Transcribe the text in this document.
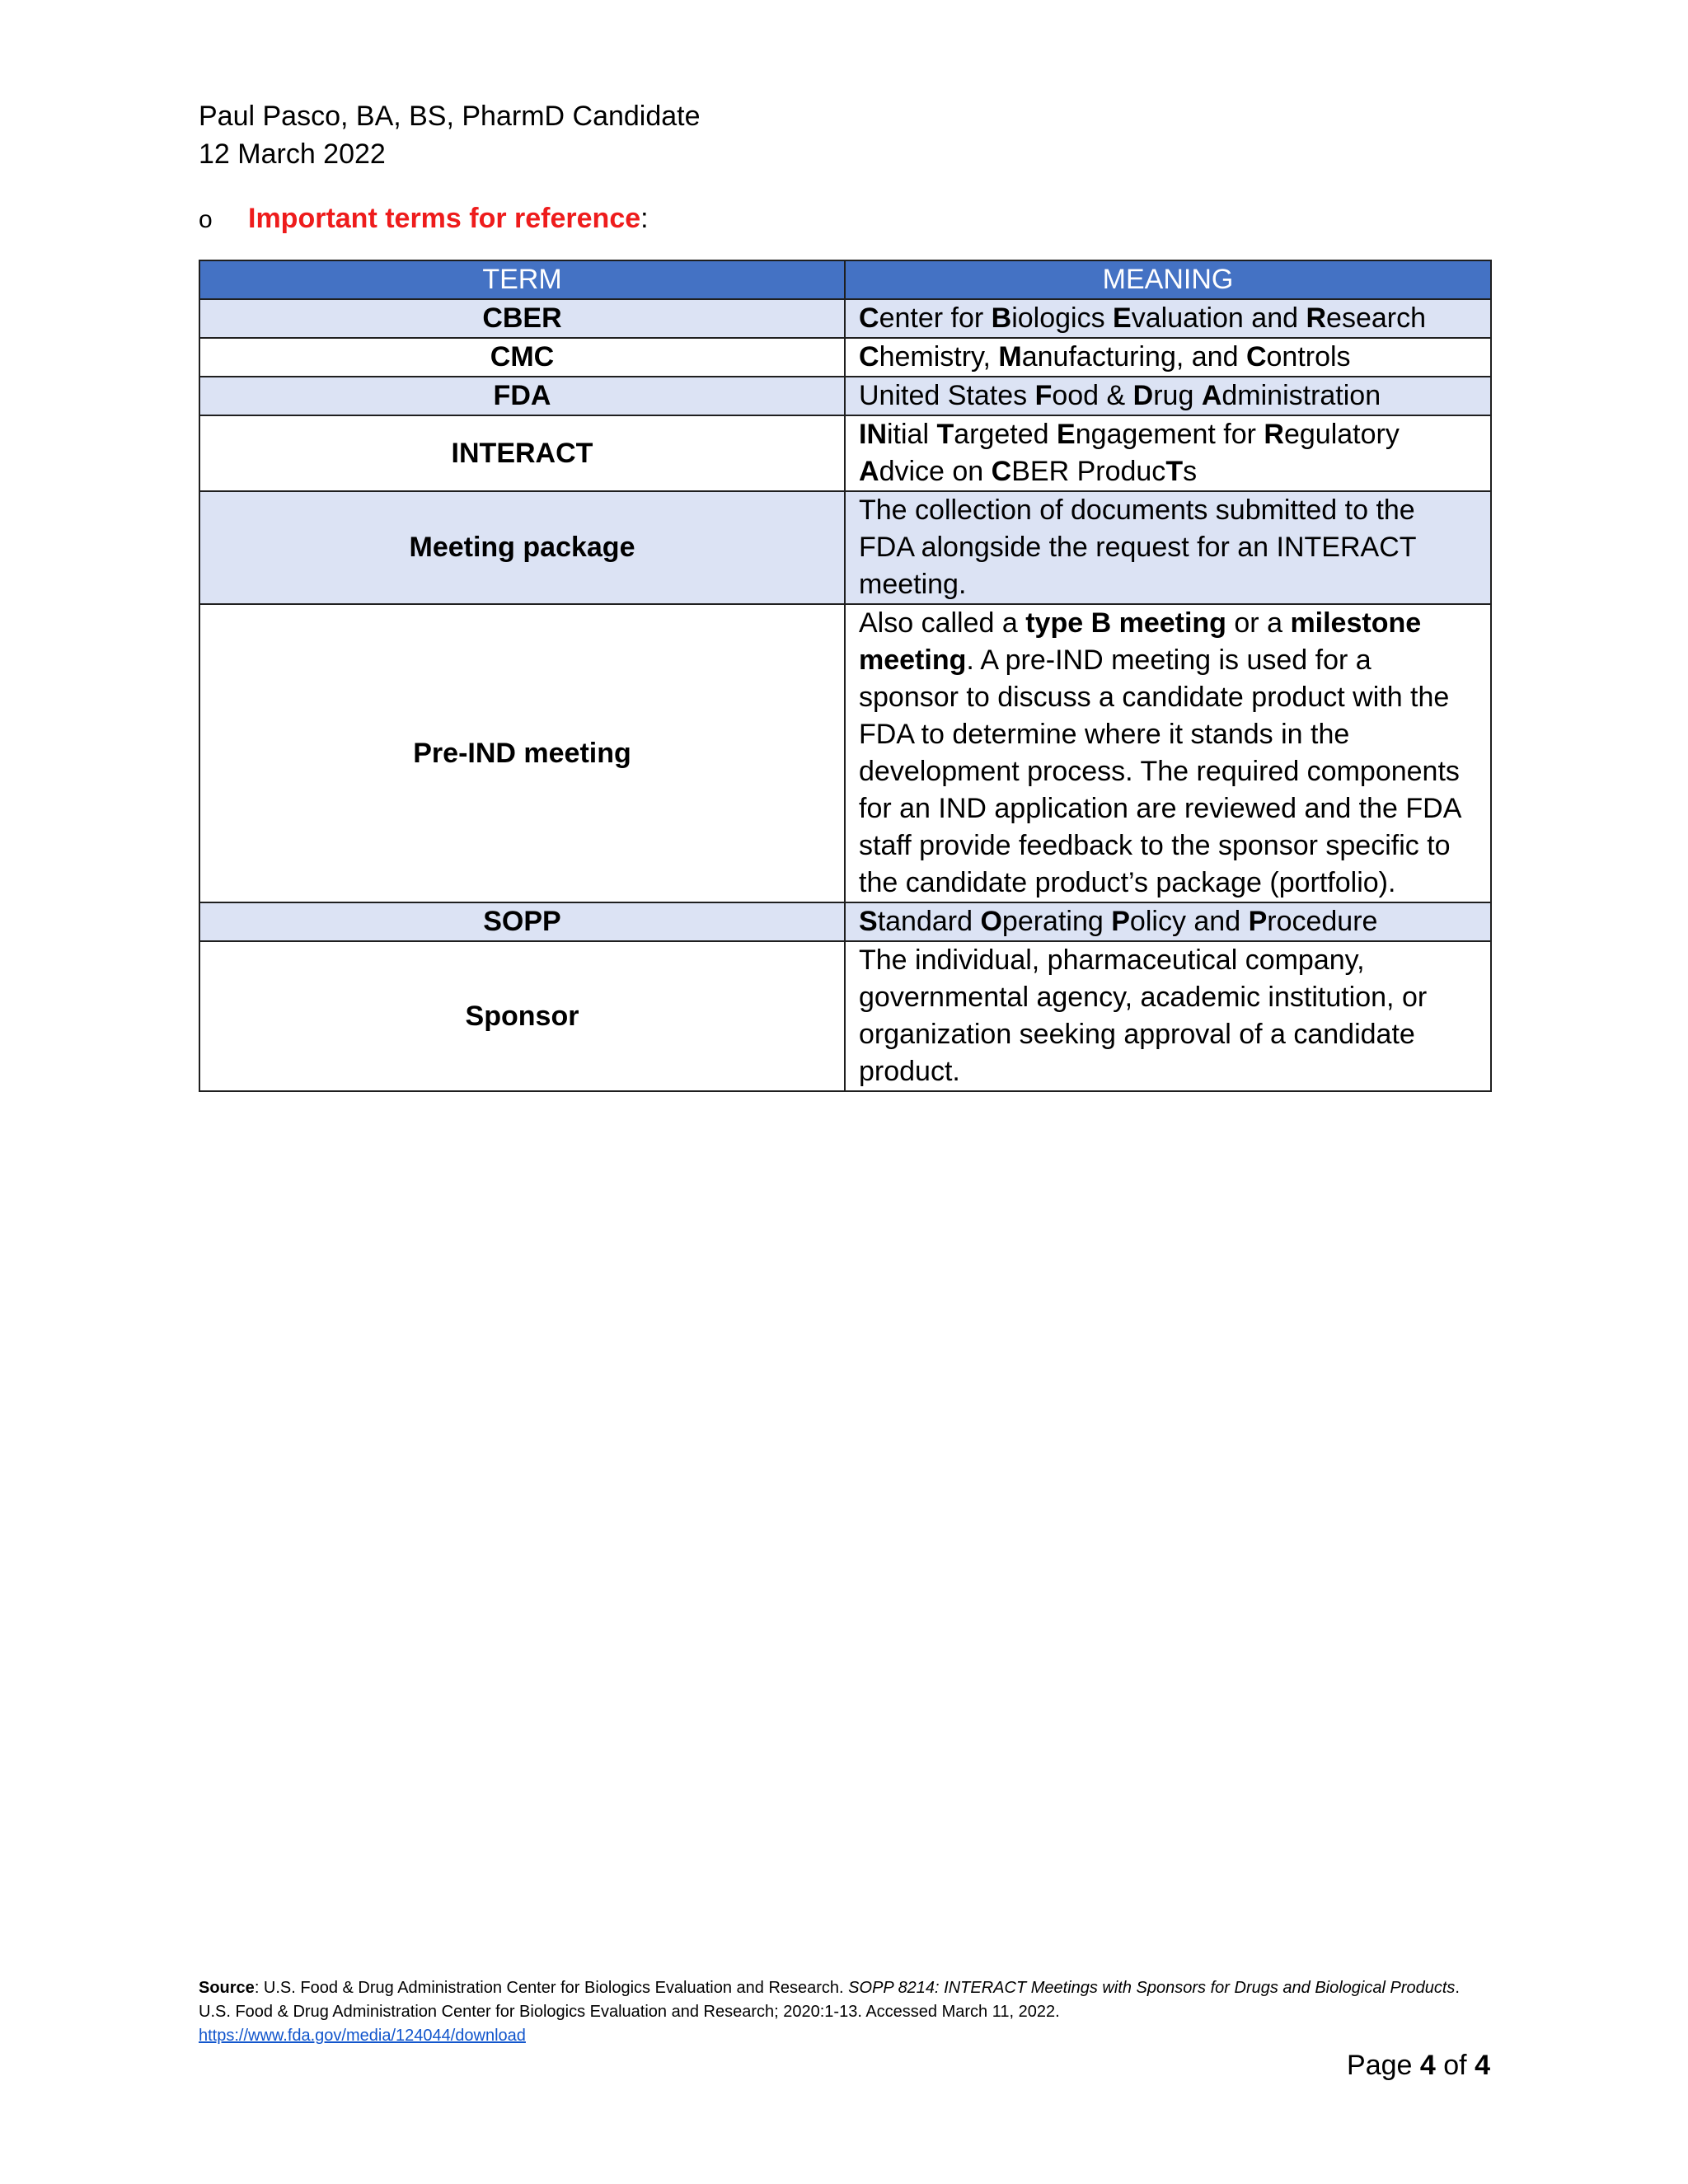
Paul Pasco, BA, BS, PharmD Candidate
12 March 2022
o Important terms for reference:
TERM	MEANING
CBER	Center for Biologics Evaluation and Research
CMC	Chemistry, Manufacturing, and Controls
FDA	United States Food & Drug Administration
INTERACT	INitial Targeted Engagement for Regulatory Advice on CBER ProducTs
Meeting package	The collection of documents submitted to the FDA alongside the request for an INTERACT meeting.
Pre-IND meeting	Also called a type B meeting or a milestone meeting. A pre-IND meeting is used for a sponsor to discuss a candidate product with the FDA to determine where it stands in the development process. The required components for an IND application are reviewed and the FDA staff provide feedback to the sponsor specific to the candidate product’s package (portfolio).
SOPP	Standard Operating Policy and Procedure
Sponsor	The individual, pharmaceutical company, governmental agency, academic institution, or organization seeking approval of a candidate product.
Source: U.S. Food & Drug Administration Center for Biologics Evaluation and Research. SOPP 8214: INTERACT Meetings with Sponsors for Drugs and Biological Products. U.S. Food & Drug Administration Center for Biologics Evaluation and Research; 2020:1-13. Accessed March 11, 2022.
https://www.fda.gov/media/124044/download
Page 4 of 4
